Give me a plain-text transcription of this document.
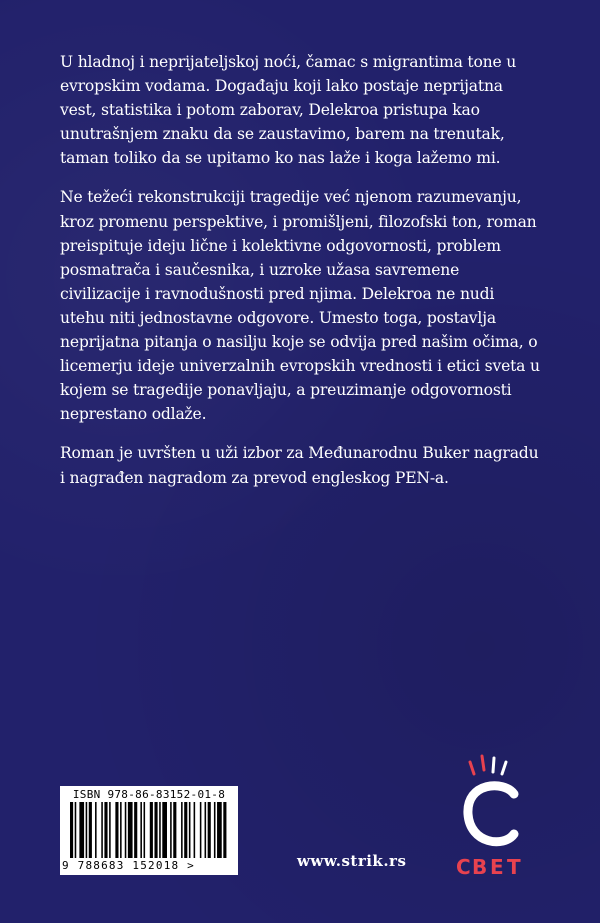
U hladnoj i neprijateljskoj noći, čamac s migrantima tone u evropskim vodama. Događaju koji lako postaje neprijatna vest, statistika i potom zaborav, Delekroa pristupa kao unutrašnjem znaku da se zaustavimo, barem na trenutak, taman toliko da se upitamo ko nas laže i koga lažemo mi.

Ne težeći rekonstrukciji tragedije već njenom razumevanju, kroz promenu perspektive, i promišljeni, filozofski ton, roman preispituje ideju lične i kolektivne odgovornosti, problem posmatrača i saučesnika, i uzroke užasa savremene civilizacije i ravnodušnosti pred njima. Delekroa ne nudi utehu niti jednostavne odgovore. Umesto toga, postavlja neprijatna pitanja o nasilju koje se odvija pred našim očima, o licemerju ideje univerzalnih evropskih vrednosti i etici sveta u kojem se tragedije ponavljaju, a preuzimanje odgovornosti neprestano odlaže.

Roman je uvršten u uži izbor za Međunarodnu Buker nagradu i nagrađen nagradom za prevod engleskog PEN-a.

ISBN 978-86-83152-01-8
9 788683 152018 >	www.strik.rs C B E T
